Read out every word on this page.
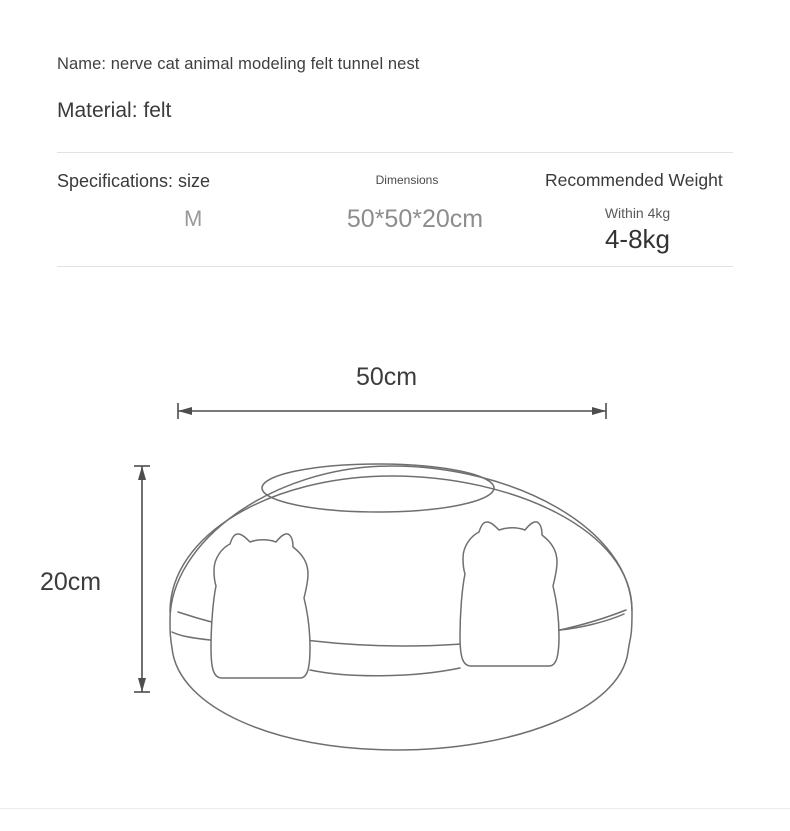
Name: nerve cat animal modeling felt tunnel nest
Material: felt
Specifications: size
M
Dimensions
50*50*20cm
Recommended Weight
Within 4kg
4-8kg
50cm
20cm
